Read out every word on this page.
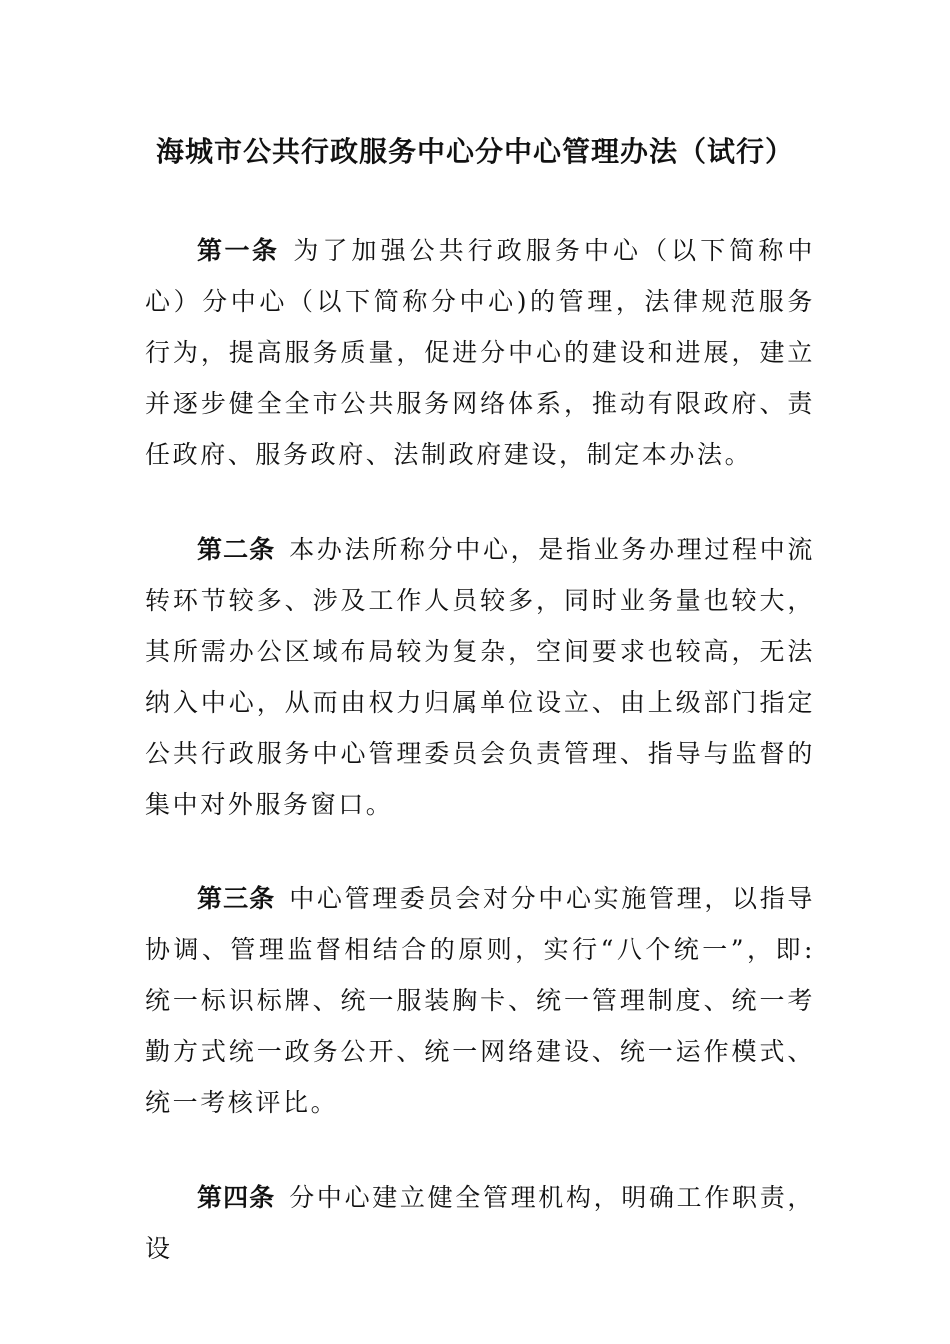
海城市公共行政服务中心分中心管理办法（试行）

第一条 为了加强公共行政服务中心（以下简称中心）分中心（以下简称分中心)的管理，法律规范服务行为，提高服务质量，促进分中心的建设和进展，建立并逐步健全全市公共服务网络体系，推动有限政府、责任政府、服务政府、法制政府建设，制定本办法。

第二条 本办法所称分中心，是指业务办理过程中流转环节较多、涉及工作人员较多，同时业务量也较大，其所需办公区域布局较为复杂，空间要求也较高，无法纳入中心，从而由权力归属单位设立、由上级部门指定公共行政服务中心管理委员会负责管理、指导与监督的集中对外服务窗口。

第三条 中心管理委员会对分中心实施管理，以指导协调、管理监督相结合的原则，实行“八个统一”，即:统一标识标牌、统一服装胸卡、统一管理制度、统一考勤方式统一政务公开、统一网络建设、统一运作模式、统一考核评比。

第四条 分中心建立健全管理机构，明确工作职责，设
